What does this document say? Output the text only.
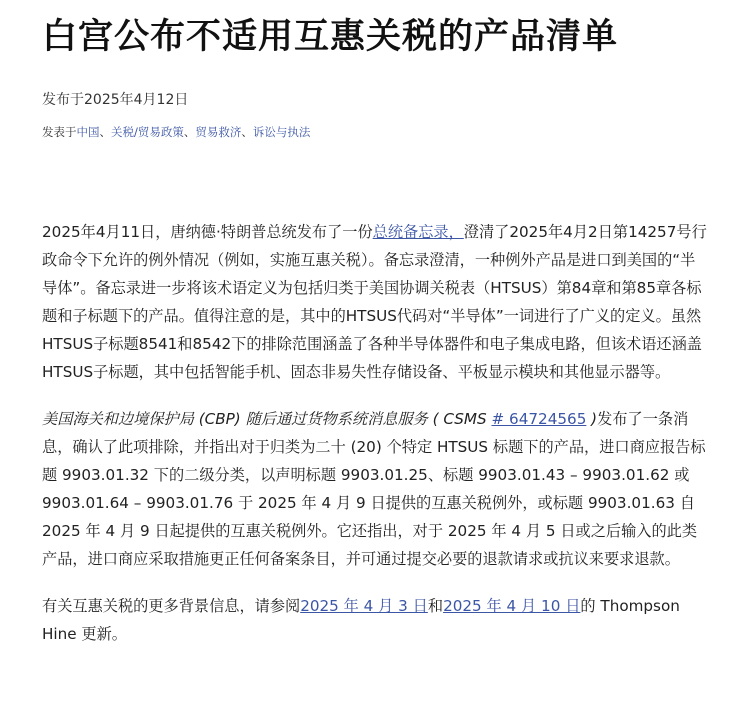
白宫公布不适用互惠关税的产品清单
发布于2025年4月12日
发表于中国、关税/贸易政策、贸易救济、诉讼与执法

2025年4月11日，唐纳德·特朗普总统发布了一份总统备忘录，澄清了2025年4月2日第14257号行政命令下允许的例外情况（例如，实施互惠关税）。备忘录澄清，一种例外产品是进口到美国的“半导体”。备忘录进一步将该术语定义为包括归类于美国协调关税表（HTSUS）第84章和第85章各标题和子标题下的产品。值得注意的是，其中的HTSUS代码对“半导体”一词进行了广义的定义。虽然HTSUS子标题8541和8542下的排除范围涵盖了各种半导体器件和电子集成电路，但该术语还涵盖HTSUS子标题，其中包括智能手机、固态非易失性存储设备、平板显示模块和其他显示器等。

美国海关和边境保护局 (CBP) 随后通过货物系统消息服务 ( CSMS # 64724565 )发布了一条消息，确认了此项排除，并指出对于归类为二十 (20) 个特定 HTSUS 标题下的产品，进口商应报告标题 9903.01.32 下的二级分类，以声明标题 9903.01.25、标题 9903.01.43 – 9903.01.62 或 9903.01.64 – 9903.01.76 于 2025 年 4 月 9 日提供的互惠关税例外，或标题 9903.01.63 自 2025 年 4 月 9 日起提供的互惠关税例外。它还指出，对于 2025 年 4 月 5 日或之后输入的此类产品，进口商应采取措施更正任何备案条目，并可通过提交必要的退款请求或抗议来要求退款。

有关互惠关税的更多背景信息，请参阅2025 年 4 月 3 日和2025 年 4 月 10 日的 Thompson Hine 更新。
